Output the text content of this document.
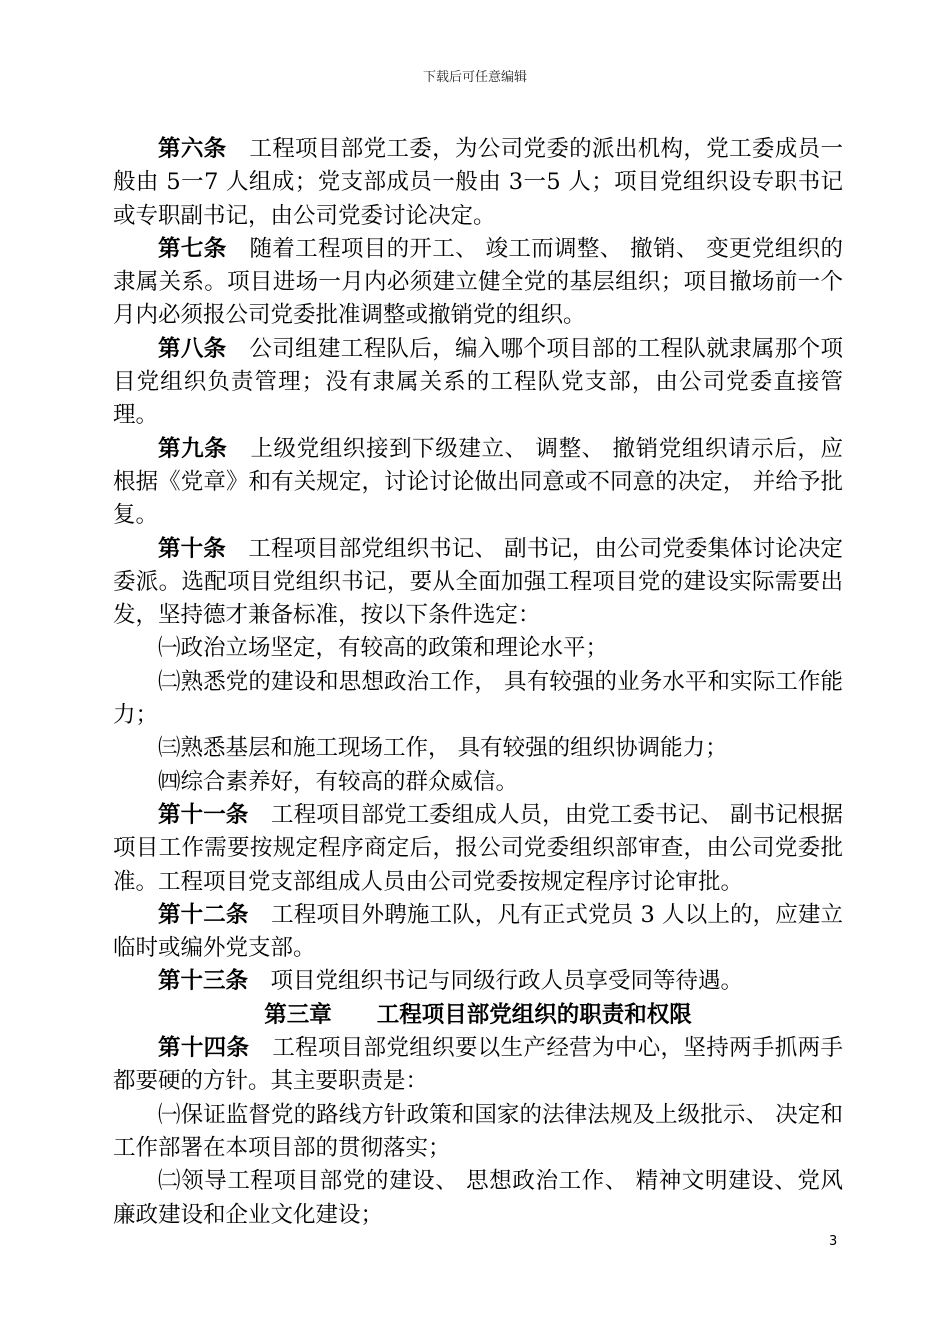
下载后可任意编辑

第六条 工程项目部党工委，为公司党委的派出机构，党工委成员一般由 5一7 人组成；党支部成员一般由 3一5 人；项目党组织设专职书记或专职副书记，由公司党委讨论决定。

第七条 随着工程项目的开工、 竣工而调整、 撤销、 变更党组织的隶属关系。项目进场一月内必须建立健全党的基层组织；项目撤场前一个月内必须报公司党委批准调整或撤销党的组织。

第八条 公司组建工程队后，编入哪个项目部的工程队就隶属那个项目党组织负责管理；没有隶属关系的工程队党支部，由公司党委直接管理。

第九条 上级党组织接到下级建立、 调整、 撤销党组织请示后，应根据《党章》和有关规定，讨论讨论做出同意或不同意的决定， 并给予批复。

第十条 工程项目部党组织书记、 副书记，由公司党委集体讨论决定委派。选配项目党组织书记，要从全面加强工程项目党的建设实际需要出发，坚持德才兼备标准，按以下条件选定：

㈠政治立场坚定，有较高的政策和理论水平；

㈡熟悉党的建设和思想政治工作， 具有较强的业务水平和实际工作能力；

㈢熟悉基层和施工现场工作， 具有较强的组织协调能力；

㈣综合素养好，有较高的群众威信。

第十一条 工程项目部党工委组成人员，由党工委书记、 副书记根据项目工作需要按规定程序商定后，报公司党委组织部审查，由公司党委批准。工程项目党支部组成人员由公司党委按规定程序讨论审批。

第十二条 工程项目外聘施工队，凡有正式党员 3 人以上的，应建立临时或编外党支部。

第十三条 项目党组织书记与同级行政人员享受同等待遇。

第三章 工程项目部党组织的职责和权限

第十四条 工程项目部党组织要以生产经营为中心，坚持两手抓两手都要硬的方针。其主要职责是：

㈠保证监督党的路线方针政策和国家的法律法规及上级批示、 决定和工作部署在本项目部的贯彻落实；

㈡领导工程项目部党的建设、 思想政治工作、 精神文明建设、党风廉政建设和企业文化建设；

3
